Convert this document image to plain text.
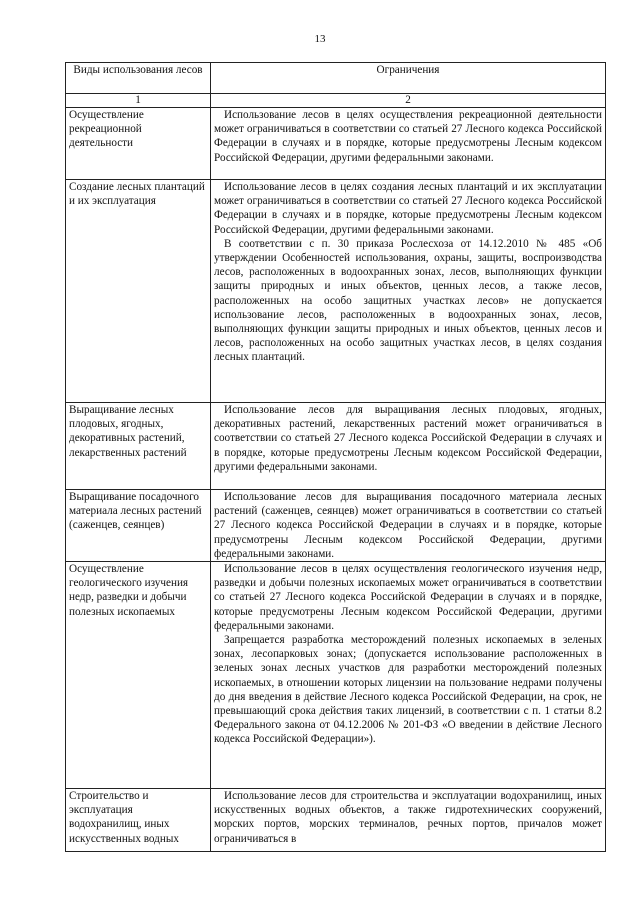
13
Виды использования лесов	Ограничения
1	2
Осуществление рекреационной деятельности	Использование лесов в целях осуществления рекреационной деятельности может ограничиваться в соответствии со статьей 27 Лесного кодекса Российской Федерации в случаях и в порядке, которые предусмотрены Лесным кодексом Российской Федерации, другими федеральными законами.

Создание лесных плантаций и их эксплуатация	Использование лесов в целях создания лесных плантаций и их эксплуатации может ограничиваться в соответствии со статьей 27 Лесного кодекса Российской Федерации в случаях и в порядке, которые предусмотрены Лесным кодексом Российской Федерации, другими федеральными законами.

В соответствии с п. 30 приказа Рослесхоза от 14.12.2010 № 485 «Об утверждении Особенностей использования, охраны, защиты, воспроизводства лесов, расположенных в водоохранных зонах, лесов, выполняющих функции защиты природных и иных объектов, ценных лесов, а также лесов, расположенных на особо защитных участках лесов» не допускается использование лесов, расположенных в водоохранных зонах, лесов, выполняющих функции защиты природных и иных объектов, ценных лесов и лесов, расположенных на особо защитных участках лесов, в целях создания лесных плантаций.

Выращивание лесных плодовых, ягодных, декоративных растений, лекарственных растений	Использование лесов для выращивания лесных плодовых, ягодных, декоративных растений, лекарственных растений может ограничиваться в соответствии со статьей 27 Лесного кодекса Российской Федерации в случаях и в порядке, которые предусмотрены Лесным кодексом Российской Федерации, другими федеральными законами.

Выращивание посадочного материала лесных растений (саженцев, сеянцев)	Использование лесов для выращивания посадочного материала лесных растений (саженцев, сеянцев) может ограничиваться в соответствии со статьей 27 Лесного кодекса Российской Федерации в случаях и в порядке, которые предусмотрены Лесным кодексом Российской Федерации, другими федеральными законами.

Осуществление геологического изучения недр, разведки и добычи полезных ископаемых	Использование лесов в целях осуществления геологического изучения недр, разведки и добычи полезных ископаемых может ограничиваться в соответствии со статьей 27 Лесного кодекса Российской Федерации в случаях и в порядке, которые предусмотрены Лесным кодексом Российской Федерации, другими федеральными законами.

Запрещается разработка месторождений полезных ископаемых в зеленых зонах, лесопарковых зонах; (допускается использование расположенных в зеленых зонах лесных участков для разработки месторождений полезных ископаемых, в отношении которых лицензии на пользование недрами получены до дня введения в действие Лесного кодекса Российской Федерации, на срок, не превышающий срока действия таких лицензий, в соответствии с п. 1 статьи 8.2 Федерального закона от 04.12.2006 № 201-ФЗ «О введении в действие Лесного кодекса Российской Федерации»).

Строительство и эксплуатация водохранилищ, иных искусственных водных	Использование лесов для строительства и эксплуатации водохранилищ, иных искусственных водных объектов, а также гидротехнических сооружений, морских портов, морских терминалов, речных портов, причалов может ограничиваться в
